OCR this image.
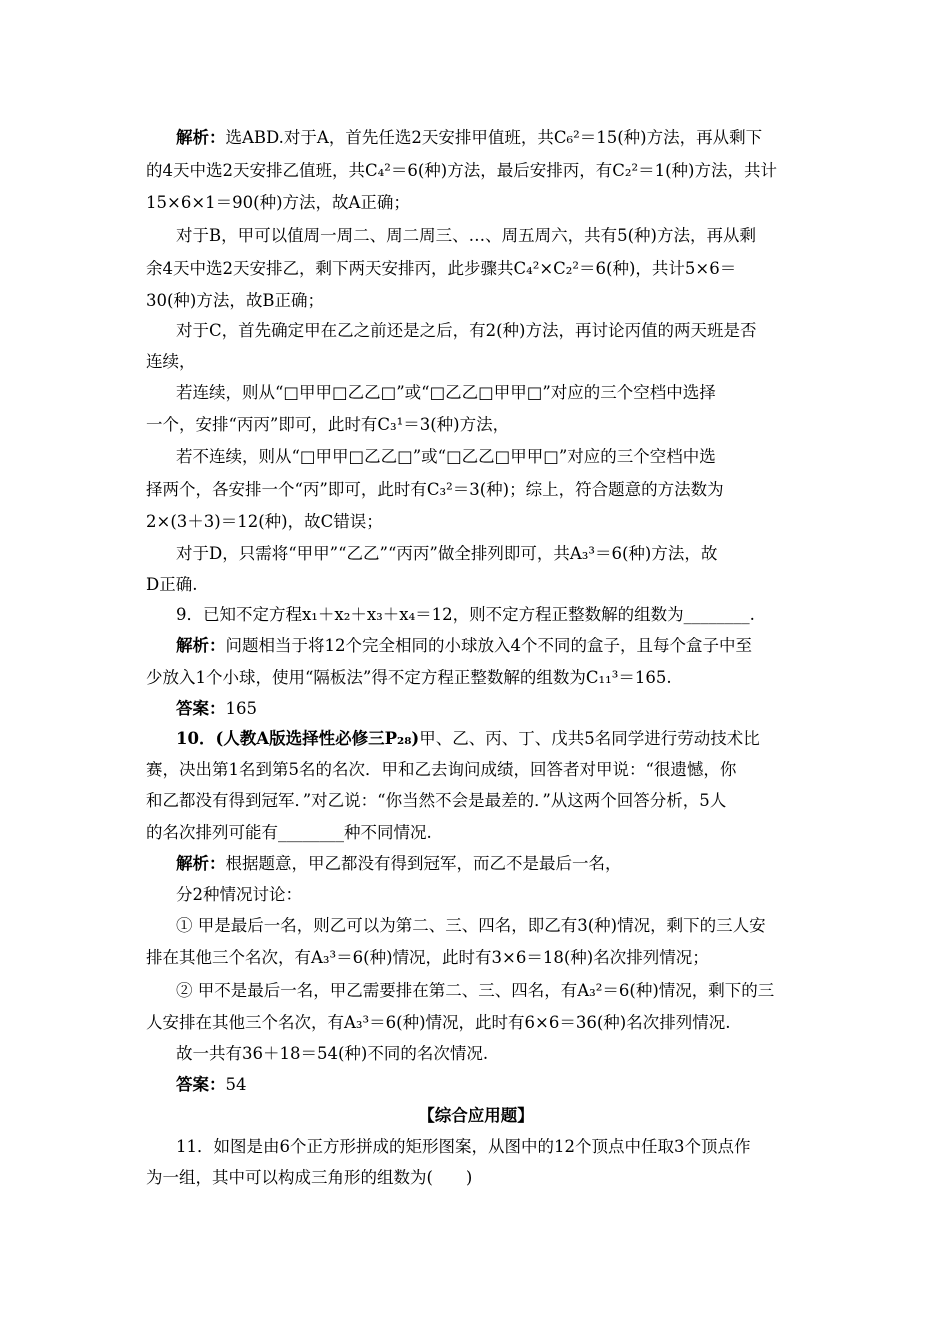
解析：选ABD.对于A，首先任选2天安排甲值班，共C₆²＝15(种)方法，再从剩下
的4天中选2天安排乙值班，共C₄²＝6(种)方法，最后安排丙，有C₂²＝1(种)方法，共计
15×6×1＝90(种)方法，故A正确；
对于B，甲可以值周一周二、周二周三、…、周五周六，共有5(种)方法，再从剩
余4天中选2天安排乙，剩下两天安排丙，此步骤共C₄²×C₂²＝6(种)，共计5×6＝
30(种)方法，故B正确；
对于C，首先确定甲在乙之前还是之后，有2(种)方法，再讨论丙值的两天班是否
连续，
若连续，则从“□甲甲□乙乙□”或“□乙乙□甲甲□”对应的三个空档中选择
一个，安排“丙丙”即可，此时有C₃¹＝3(种)方法，
若不连续，则从“□甲甲□乙乙□”或“□乙乙□甲甲□”对应的三个空档中选
择两个，各安排一个“丙”即可，此时有C₃²＝3(种)；综上，符合题意的方法数为
2×(3＋3)＝12(种)，故C错误；
对于D，只需将“甲甲”“乙乙”“丙丙”做全排列即可，共A₃³＝6(种)方法，故
D正确.
9．已知不定方程x₁＋x₂＋x₃＋x₄＝12，则不定方程正整数解的组数为________.
解析：问题相当于将12个完全相同的小球放入4个不同的盒子，且每个盒子中至
少放入1个小球，使用“隔板法”得不定方程正整数解的组数为C₁₁³＝165.
答案：165
10．(人教A版选择性必修三P₂₈)甲、乙、丙、丁、戊共5名同学进行劳动技术比
赛，决出第1名到第5名的名次．甲和乙去询问成绩，回答者对甲说：“很遗憾，你
和乙都没有得到冠军．”对乙说：“你当然不会是最差的．”从这两个回答分析，5人
的名次排列可能有________种不同情况.
解析：根据题意，甲乙都没有得到冠军，而乙不是最后一名，
分2种情况讨论：
① 甲是最后一名，则乙可以为第二、三、四名，即乙有3(种)情况，剩下的三人安
排在其他三个名次，有A₃³＝6(种)情况，此时有3×6＝18(种)名次排列情况；
② 甲不是最后一名，甲乙需要排在第二、三、四名，有A₃²＝6(种)情况，剩下的三
人安排在其他三个名次，有A₃³＝6(种)情况，此时有6×6＝36(种)名次排列情况.
故一共有36＋18＝54(种)不同的名次情况.
答案：54
【综合应用题】
11．如图是由6个正方形拼成的矩形图案，从图中的12个顶点中任取3个顶点作
为一组，其中可以构成三角形的组数为(　　)
